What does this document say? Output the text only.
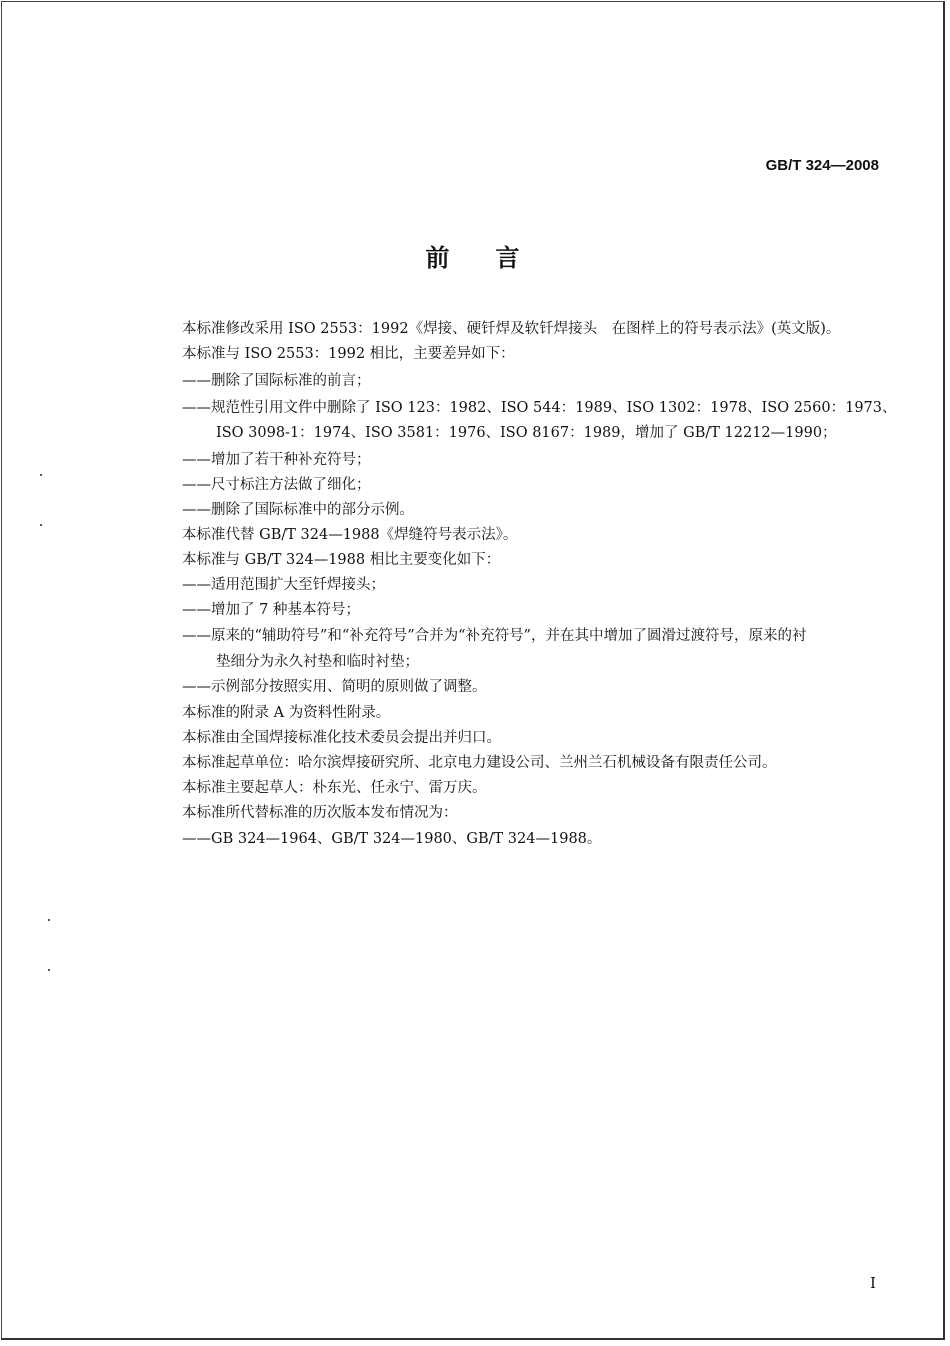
GB/T 324—2008
前言
本标准修改采用 ISO 2553：1992《焊接、硬钎焊及软钎焊接头　在图样上的符号表示法》(英文版)。
本标准与 ISO 2553：1992 相比，主要差异如下：
——删除了国际标准的前言；
——规范性引用文件中删除了 ISO 123：1982、ISO 544：1989、ISO 1302：1978、ISO 2560：1973、
ISO 3098-1：1974、ISO 3581：1976、ISO 8167：1989，增加了 GB/T 12212—1990；
——增加了若干种补充符号；
——尺寸标注方法做了细化；
——删除了国际标准中的部分示例。
本标准代替 GB/T 324—1988《焊缝符号表示法》。
本标准与 GB/T 324—1988 相比主要变化如下：
——适用范围扩大至钎焊接头；
——增加了 7 种基本符号；
——原来的“辅助符号”和“补充符号”合并为“补充符号”，并在其中增加了圆滑过渡符号，原来的衬
垫细分为永久衬垫和临时衬垫；
——示例部分按照实用、简明的原则做了调整。
本标准的附录 A 为资料性附录。
本标准由全国焊接标准化技术委员会提出并归口。
本标准起草单位：哈尔滨焊接研究所、北京电力建设公司、兰州兰石机械设备有限责任公司。
本标准主要起草人：朴东光、任永宁、雷万庆。
本标准所代替标准的历次版本发布情况为：
——GB 324—1964、GB/T 324—1980、GB/T 324—1988。
I
